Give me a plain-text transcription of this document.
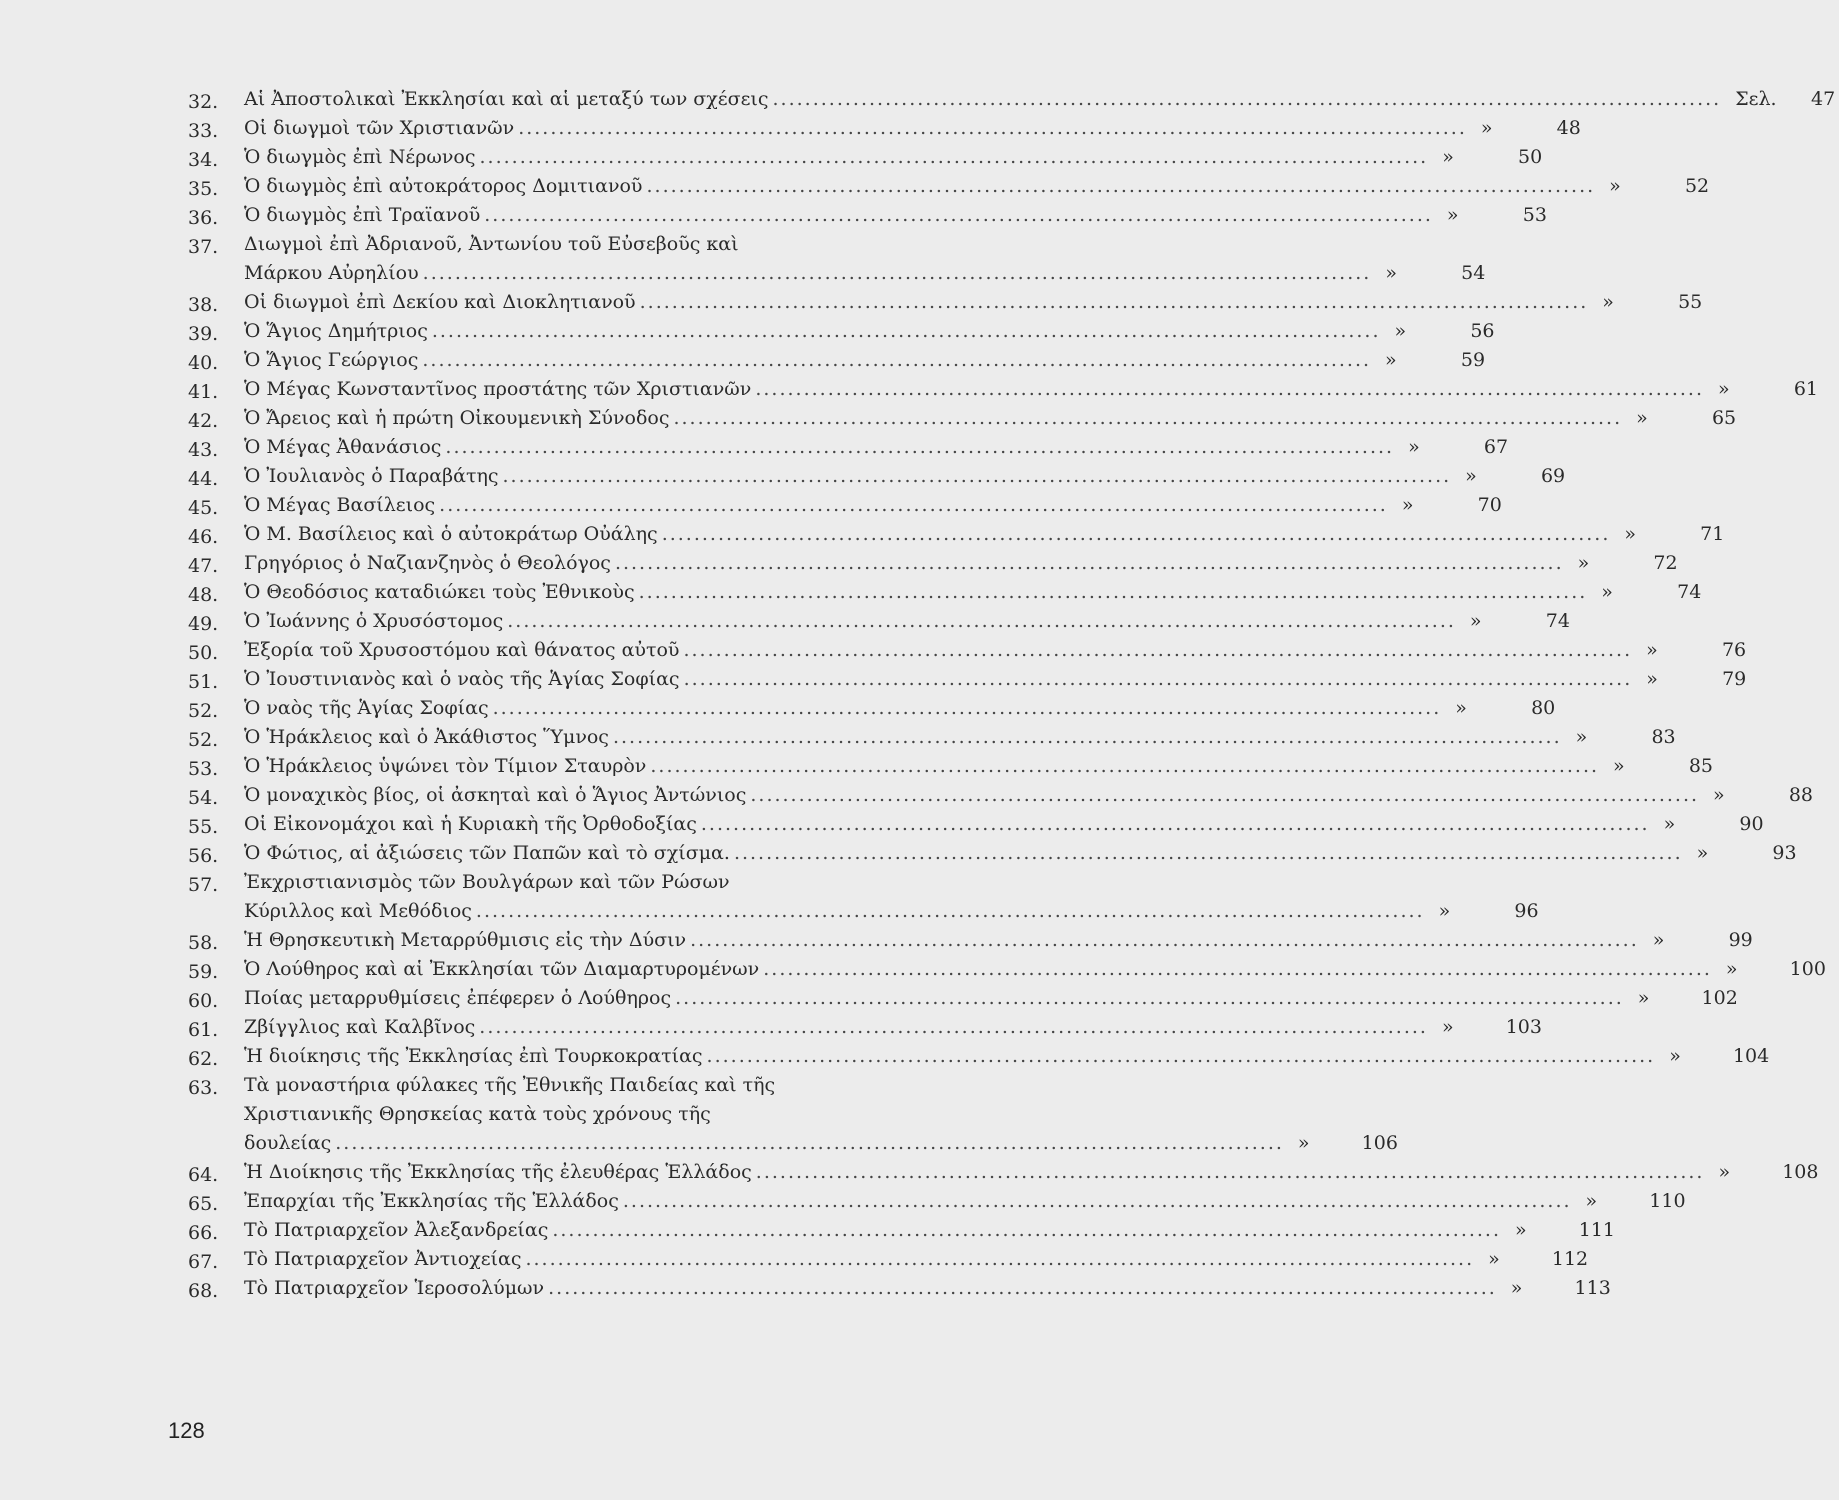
32.	Αἱ Ἀποστολικαὶ Ἐκκλησίαι καὶ αἱ μεταξύ των σχέσεις .....	Σελ. 47
33.	Οἱ διωγμοὶ τῶν Χριστιανῶν .....	»	48
34.	Ὁ διωγμὸς ἐπὶ Νέρωνος .....	»	50
35.	Ὁ διωγμὸς ἐπὶ αὐτοκράτορος Δομιτιανοῦ .....	»	52
36.	Ὁ διωγμὸς ἐπὶ Τραϊανοῦ .....	»	53
37.	Διωγμοὶ ἐπὶ Ἀδριανοῦ, Ἀντωνίου τοῦ Εὐσεβοῦς καὶ
Μάρκου Αὐρηλίου .....	»	54
38.	Οἱ διωγμοὶ ἐπὶ Δεκίου καὶ Διοκλητιανοῦ .....	»	55
39.	Ὁ Ἅγιος Δημήτριος .....	»	56
40.	Ὁ Ἅγιος Γεώργιος .....	»	59
41.	Ὁ Μέγας Κωνσταντῖνος προστάτης τῶν Χριστιανῶν .....	»	61
42.	Ὁ Ἄρειος καὶ ἡ πρώτη Οἰκουμενικὴ Σύνοδος .....	»	65
43.	Ὁ Μέγας Ἀθανάσιος .....	»	67
44.	Ὁ Ἰουλιανὸς ὁ Παραβάτης .....	»	69
45.	Ὁ Μέγας Βασίλειος .....	»	70
46.	Ὁ Μ. Βασίλειος καὶ ὁ αὐτοκράτωρ Οὐάλης .....	»	71
47.	Γρηγόριος ὁ Ναζιανζηνὸς ὁ Θεολόγος .....	»	72
48.	Ὁ Θεοδόσιος καταδιώκει τοὺς Ἐθνικοὺς .....	»	74
49.	Ὁ Ἰωάννης ὁ Χρυσόστομος .....	»	74
50.	Ἐξορία τοῦ Χρυσοστόμου καὶ θάνατος αὐτοῦ .....	»	76
51.	Ὁ Ἰουστινιανὸς καὶ ὁ ναὸς τῆς Ἁγίας Σοφίας .....	»	79
52.	Ὁ ναὸς τῆς Ἁγίας Σοφίας .....	»	80
52.	Ὁ Ἡράκλειος καὶ ὁ Ἀκάθιστος Ὕμνος .....	»	83
53.	Ὁ Ἡράκλειος ὑψώνει τὸν Τίμιον Σταυρὸν .....	»	85
54.	Ὁ μοναχικὸς βίος, οἱ ἀσκηταὶ καὶ ὁ Ἅγιος Ἀντώνιος .....	»	88
55.	Οἱ Εἰκονομάχοι καὶ ἡ Κυριακὴ τῆς Ὀρθοδοξίας .....	»	90
56.	Ὁ Φώτιος, αἱ ἀξιώσεις τῶν Παπῶν καὶ τὸ σχίσμα. .....	»	93
57.	Ἐκχριστιανισμὸς τῶν Βουλγάρων καὶ τῶν Ρώσων
Κύριλλος καὶ Μεθόδιος .....	»	96
58.	Ἡ Θρησκευτικὴ Μεταρρύθμισις εἰς τὴν Δύσιν .....	»	99
59.	Ὁ Λούθηρος καὶ αἱ Ἐκκλησίαι τῶν Διαμαρτυρομένων .....	»	100
60.	Ποίας μεταρρυθμίσεις ἐπέφερεν ὁ Λούθηρος .....	»	102
61.	Ζβίγγλιος καὶ Καλβῖνος .....	»	103
62.	Ἡ διοίκησις τῆς Ἐκκλησίας ἐπὶ Τουρκοκρατίας .....	»	104
63.	Τὰ μοναστήρια φύλακες τῆς Ἐθνικῆς Παιδείας καὶ τῆς
Χριστιανικῆς Θρησκείας κατὰ τοὺς χρόνους τῆς
δουλείας .....	»	106
64.	Ἡ Διοίκησις τῆς Ἐκκλησίας τῆς ἐλευθέρας Ἑλλάδος .....	»	108
65.	Ἐπαρχίαι τῆς Ἐκκλησίας τῆς Ἑλλάδος .....	»	110
66.	Τὸ Πατριαρχεῖον Ἀλεξανδρείας .....	»	111
67.	Τὸ Πατριαρχεῖον Ἀντιοχείας .....	»	112
68.	Τὸ Πατριαρχεῖον Ἱεροσολύμων .....	»	113
128
